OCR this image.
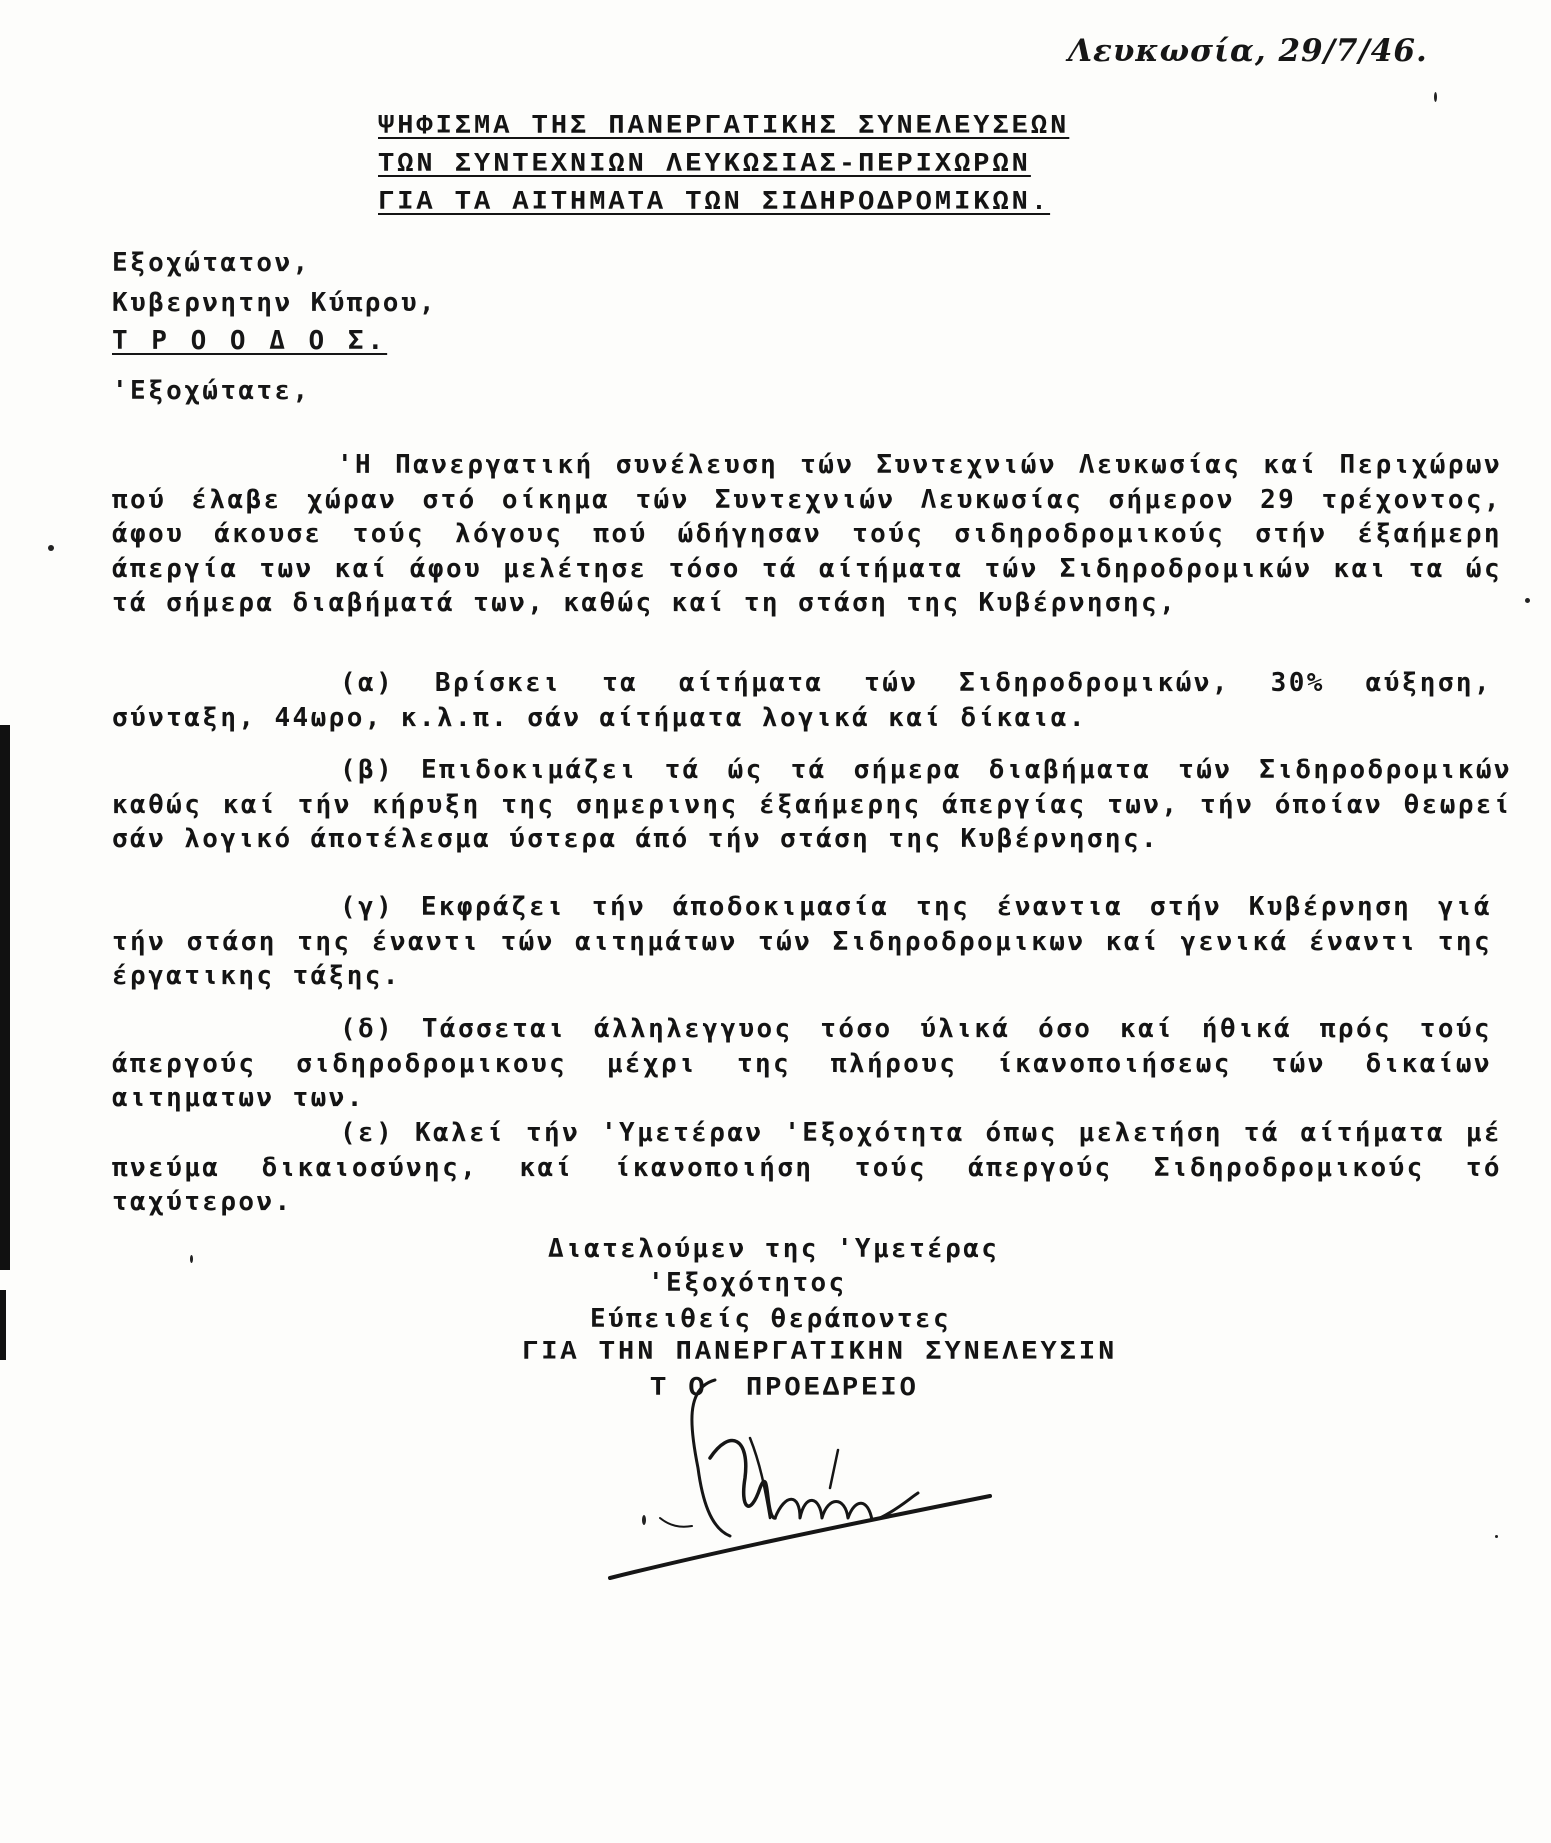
Λευκωσία, 29/7/46.
ΨΗΦΙΣΜΑ ΤΗΣ ΠΑΝΕΡΓΑΤΙΚΗΣ ΣΥΝΕΛΕΥΣΕΩΝ
ΤΩΝ ΣΥΝΤΕΧΝΙΩΝ ΛΕΥΚΩΣΙΑΣ-ΠΕΡΙΧΩΡΩΝ
ΓΙΑ ΤΑ ΑΙΤΗΜΑΤΑ ΤΩΝ ΣΙΔΗΡΟΔΡΟΜΙΚΩΝ.
Εξοχώτατον,
Κυβερνητην Κύπρου,
Τ Ρ Ο Ο Δ Ο Σ.
'Εξοχώτατε,

'Η Πανεργατική συνέλευση τών Συντεχνιών Λευκωσίας καί Περιχώρων πού έλαβε χώραν στό οίκημα τών Συντεχνιών Λευκωσίας σήμερον 29 τρέχοντος, άφου άκουσε τούς λόγους πού ώδήγησαν τούς σιδηροδρομικούς στήν έξαήμερη άπεργία των καί άφου μελέτησε τόσο τά αίτήματα τών Σιδηροδρομικών και τα ώς τά σήμερα διαβήματά των, καθώς καί τη στάση της Κυβέρνησης,

(α) Βρίσκει τα αίτήματα τών Σιδηροδρομικών, 30% αύξηση, σύνταξη, 44ωρο, κ.λ.π. σάν αίτήματα λογικά καί δίκαια.

(β) Επιδοκιμάζει τά ώς τά σήμερα διαβήματα τών Σιδηροδρομικών καθώς καί τήν κήρυξη της σημερινης έξαήμερης άπεργίας των, τήν όποίαν θεωρεί σάν λογικό άποτέλεσμα ύστερα άπό τήν στάση της Κυβέρνησης.

(γ) Εκφράζει τήν άποδοκιμασία της έναντια στήν Κυβέρνηση γιά τήν στάση της έναντι τών αιτημάτων τών Σιδηροδρομικων καί γενικά έναντι της έργατικης τάξης.

(δ) Τάσσεται άλληλεγγυος τόσο ύλικά όσο καί ήθικά πρός τούς άπεργούς σιδηροδρομικους μέχρι της πλήρους ίκανοποιήσεως τών δικαίων αιτηματων των.

(ε) Καλεί τήν 'Υμετέραν 'Εξοχότητα όπως μελετήση τά αίτήματα μέ πνεύμα δικαιοσύνης, καί ίκανοποιήση τούς άπεργούς Σιδηροδρομικούς τό ταχύτερον.

Διατελούμεν της 'Υμετέρας
'Εξοχότητος
Εύπειθείς θεράποντες
ΓΙΑ ΤΗΝ ΠΑΝΕΡΓΑΤΙΚΗΝ ΣΥΝΕΛΕΥΣΙΝ
Τ Ο  ΠΡΟΕΔΡΕΙΟ
